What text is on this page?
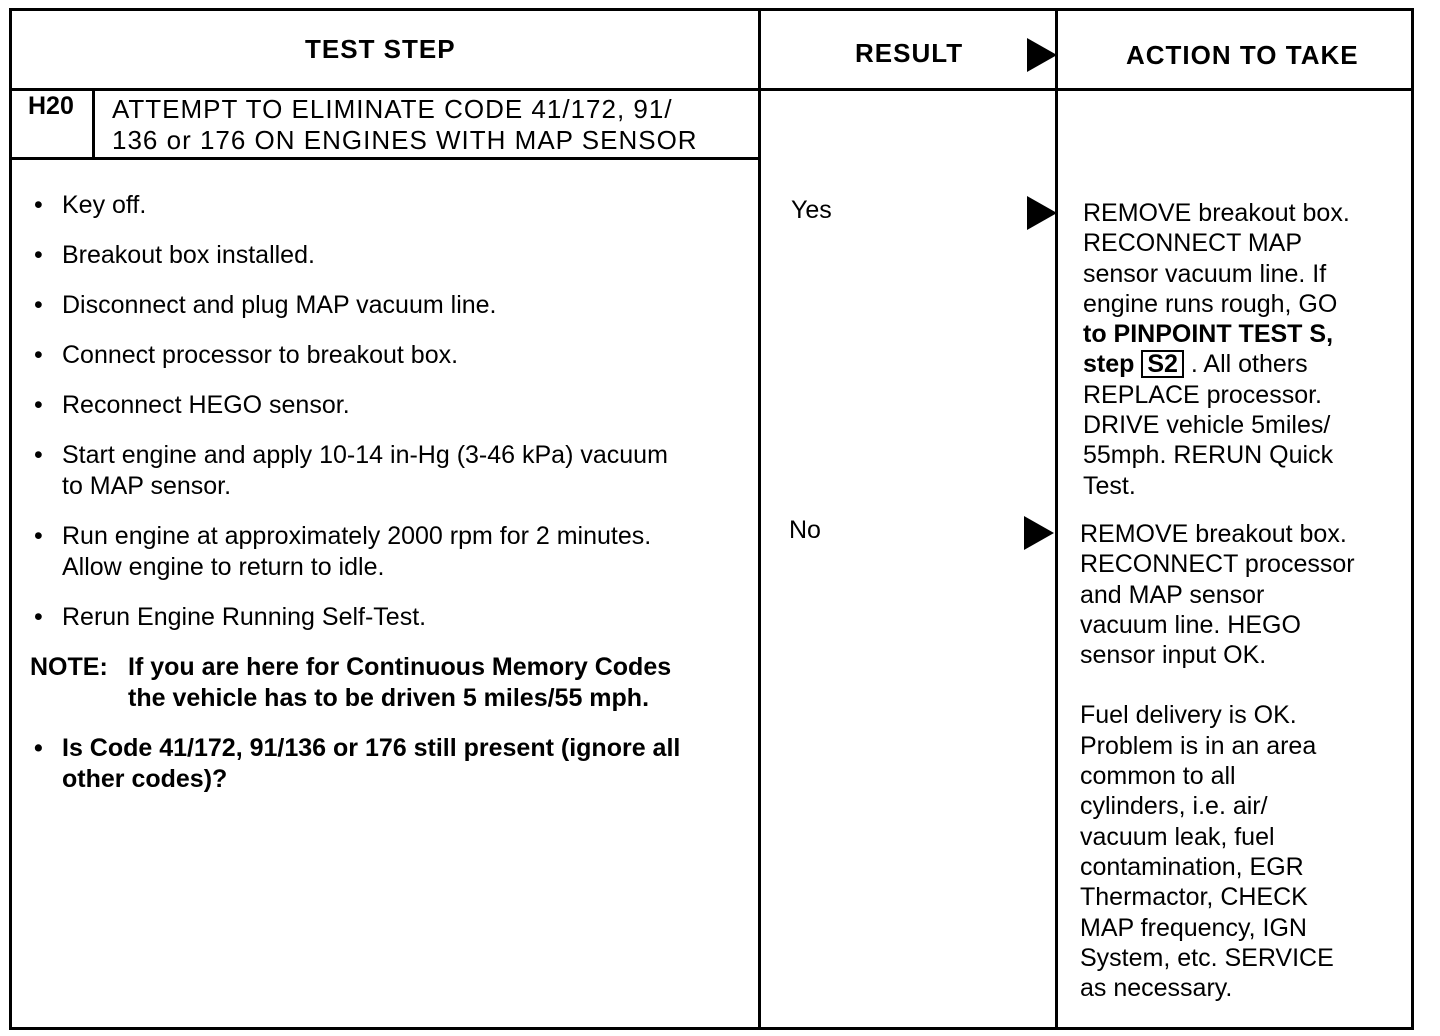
TEST STEP	RESULT	ACTION TO TAKE
H20 ATTEMPT TO ELIMINATE CODE 41/172, 91/
136 or 176 ON ENGINES WITH MAP SENSOR
• Key off.
• Breakout box installed.
• Disconnect and plug MAP vacuum line.
• Connect processor to breakout box.
• Reconnect HEGO sensor.
• Start engine and apply 10-14 in-Hg (3-46 kPa) vacuum to MAP sensor.
• Run engine at approximately 2000 rpm for 2 minutes. Allow engine to return to idle.
• Rerun Engine Running Self-Test.
NOTE: If you are here for Continuous Memory Codes the vehicle has to be driven 5 miles/55 mph.
• Is Code 41/172, 91/136 or 176 still present (ignore all other codes)?
Yes
No
REMOVE breakout box.
RECONNECT MAP
sensor vacuum line. If
engine runs rough, GO
to PINPOINT TEST S,
step S2 . All others
REPLACE processor.
DRIVE vehicle 5miles/
55mph. RERUN Quick
Test.
REMOVE breakout box.
RECONNECT processor
and MAP sensor
vacuum line. HEGO
sensor input OK.
Fuel delivery is OK.
Problem is in an area
common to all
cylinders, i.e. air/
vacuum leak, fuel
contamination, EGR
Thermactor, CHECK
MAP frequency, IGN
System, etc. SERVICE
as necessary.
